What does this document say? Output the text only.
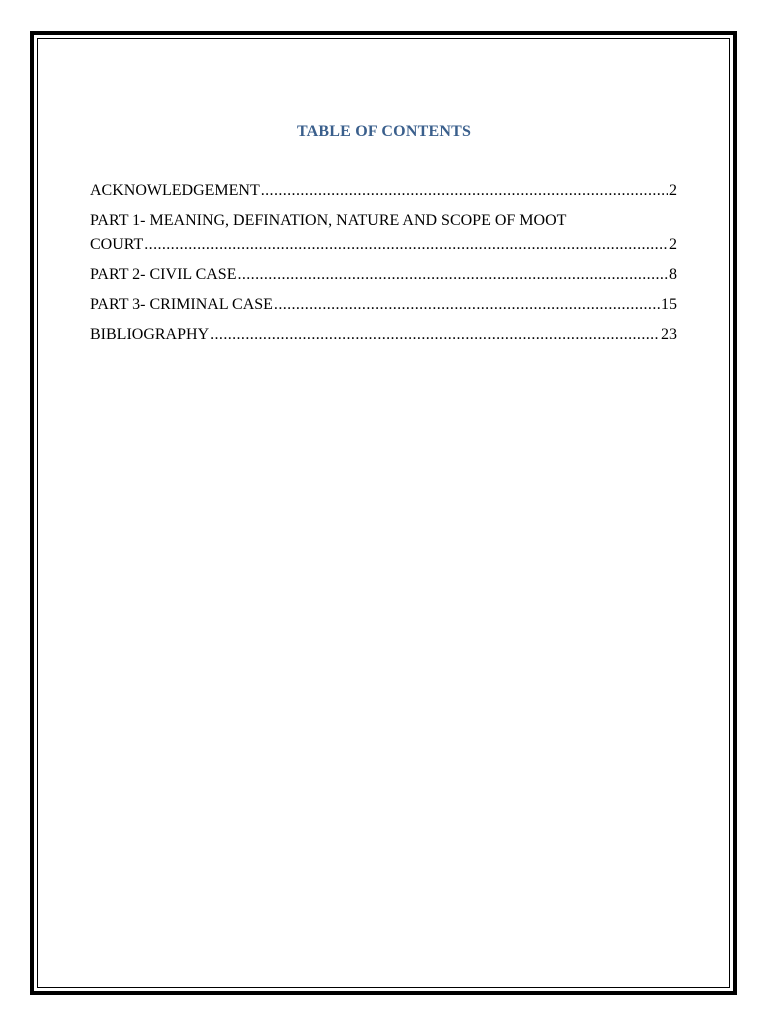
TABLE OF CONTENTS
ACKNOWLEDGEMENT .....	2
PART 1- MEANING, DEFINATION, NATURE AND SCOPE OF MOOT
COURT .....	2
PART 2- CIVIL CASE .....	8
PART 3- CRIMINAL CASE .....	15
BIBLIOGRAPHY .....	23
